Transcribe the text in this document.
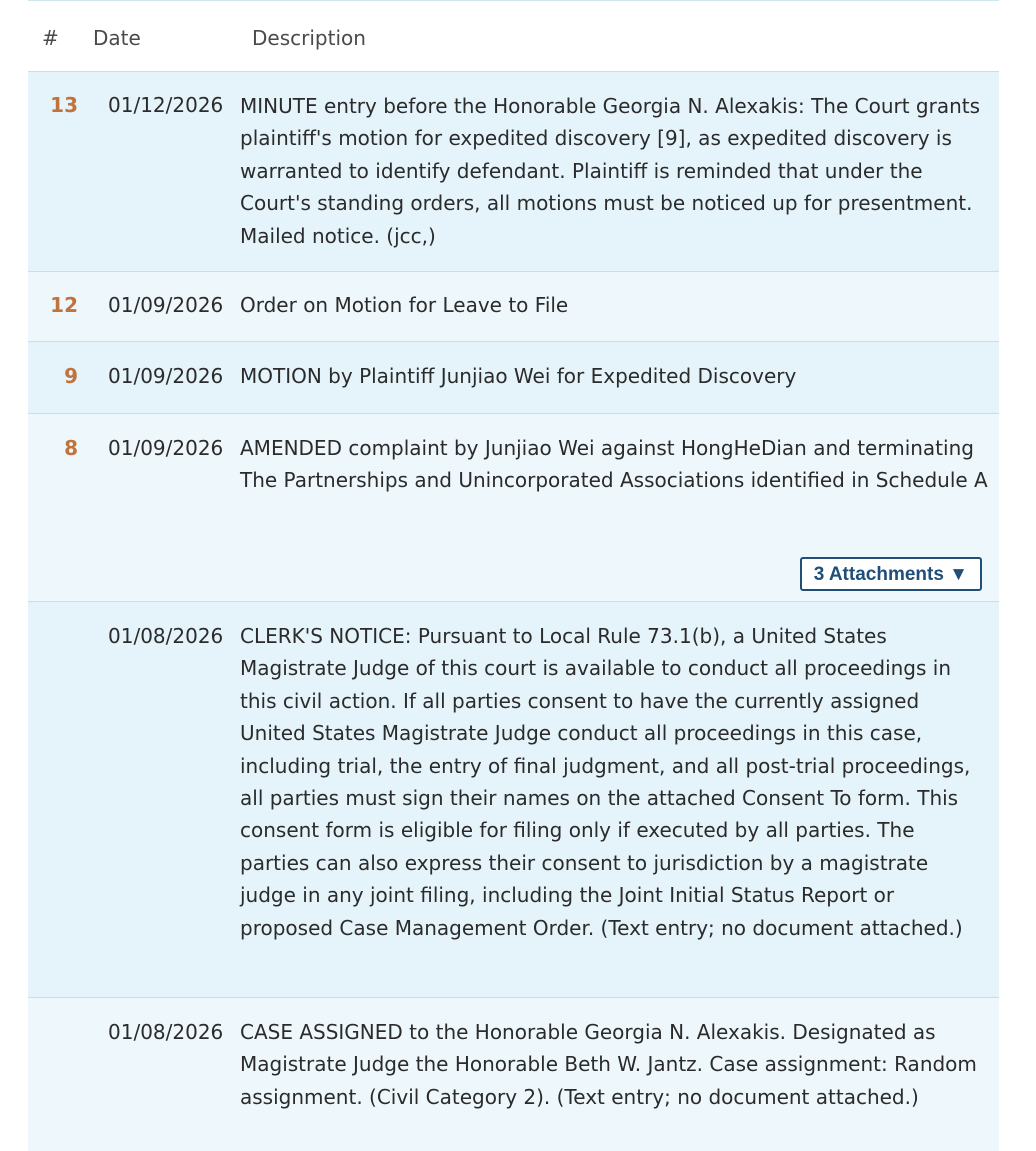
# Date	Description
13 01/12/2026 MINUTE entry before the Honorable Georgia N. Alexakis: The Court grants plaintiff's motion for expedited discovery [9], as expedited discovery is warranted to identify defendant. Plaintiff is reminded that under the Court's standing orders, all motions must be noticed up for presentment. Mailed notice. (jcc,)
12 01/09/2026 Order on Motion for Leave to File
9 01/09/2026 MOTION by Plaintiff Junjiao Wei for Expedited Discovery
8 01/09/2026 AMENDED complaint by Junjiao Wei against HongHeDian and terminating The Partnerships and Unincorporated Associations identified in Schedule A
3 Attachments ▼
01/08/2026 CLERK'S NOTICE: Pursuant to Local Rule 73.1(b), a United States Magistrate Judge of this court is available to conduct all proceedings in this civil action. If all parties consent to have the currently assigned United States Magistrate Judge conduct all proceedings in this case, including trial, the entry of final judgment, and all post-trial proceedings, all parties must sign their names on the attached Consent To form. This consent form is eligible for filing only if executed by all parties. The parties can also express their consent to jurisdiction by a magistrate judge in any joint filing, including the Joint Initial Status Report or proposed Case Management Order. (Text entry; no document attached.)
01/08/2026 CASE ASSIGNED to the Honorable Georgia N. Alexakis. Designated as Magistrate Judge the Honorable Beth W. Jantz. Case assignment: Random assignment. (Civil Category 2). (Text entry; no document attached.)
